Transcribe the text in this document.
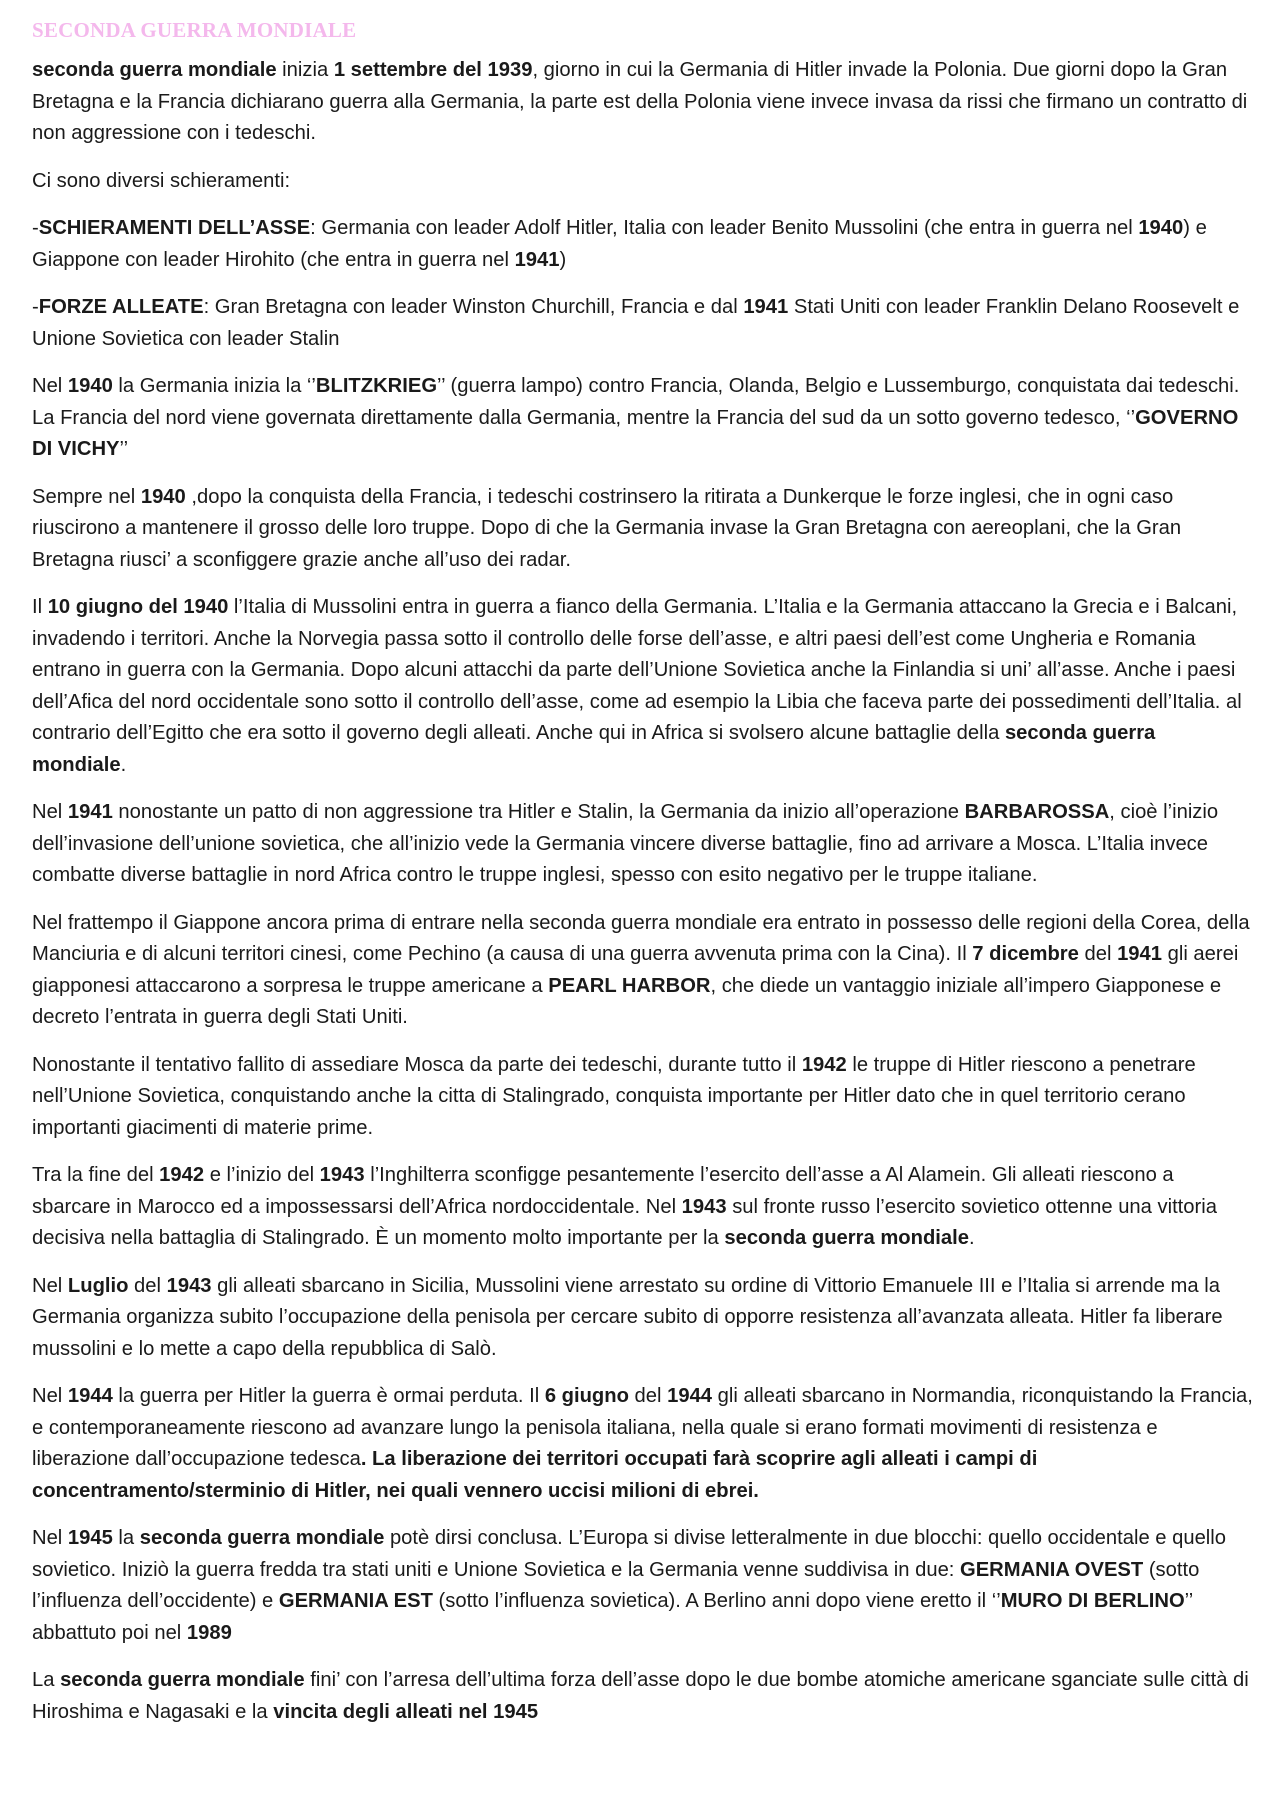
SECONDA GUERRA MONDIALE

seconda guerra mondiale inizia 1 settembre del 1939, giorno in cui la Germania di Hitler invade la Polonia. Due giorni dopo la Gran Bretagna e la Francia dichiarano guerra alla Germania, la parte est della Polonia viene invece invasa da rissi che firmano un contratto di non aggressione con i tedeschi.

Ci sono diversi schieramenti:

-SCHIERAMENTI DELL’ASSE: Germania con leader Adolf Hitler, Italia con leader Benito Mussolini (che entra in guerra nel 1940) e Giappone con leader Hirohito (che entra in guerra nel 1941)

-FORZE ALLEATE: Gran Bretagna con leader Winston Churchill, Francia e dal 1941 Stati Uniti con leader Franklin Delano Roosevelt e Unione Sovietica con leader Stalin

Nel 1940 la Germania inizia la ‘’BLITZKRIEG’’ (guerra lampo) contro Francia, Olanda, Belgio e Lussemburgo, conquistata dai tedeschi. La Francia del nord viene governata direttamente dalla Germania, mentre la Francia del sud da un sotto governo tedesco, ‘’GOVERNO DI VICHY’’

Sempre nel 1940 ,dopo la conquista della Francia, i tedeschi costrinsero la ritirata a Dunkerque le forze inglesi, che in ogni caso riuscirono a mantenere il grosso delle loro truppe. Dopo di che la Germania invase la Gran Bretagna con aereoplani, che la Gran Bretagna riusci’ a sconfiggere grazie anche all’uso dei radar.

Il 10 giugno del 1940 l’Italia di Mussolini entra in guerra a fianco della Germania. L’Italia e la Germania attaccano la Grecia e i Balcani, invadendo i territori. Anche la Norvegia passa sotto il controllo delle forse dell’asse, e altri paesi dell’est come Ungheria e Romania entrano in guerra con la Germania. Dopo alcuni attacchi da parte dell’Unione Sovietica anche la Finlandia si uni’ all’asse. Anche i paesi dell’Afica del nord occidentale sono sotto il controllo dell’asse, come ad esempio la Libia che faceva parte dei possedimenti dell’Italia. al contrario dell’Egitto che era sotto il governo degli alleati. Anche qui in Africa si svolsero alcune battaglie della seconda guerra mondiale.

Nel 1941 nonostante un patto di non aggressione tra Hitler e Stalin, la Germania da inizio all’operazione BARBAROSSA, cioè l’inizio dell’invasione dell’unione sovietica, che all’inizio vede la Germania vincere diverse battaglie, fino ad arrivare a Mosca. L’Italia invece combatte diverse battaglie in nord Africa contro le truppe inglesi, spesso con esito negativo per le truppe italiane.

Nel frattempo il Giappone ancora prima di entrare nella seconda guerra mondiale era entrato in possesso delle regioni della Corea, della Manciuria e di alcuni territori cinesi, come Pechino (a causa di una guerra avvenuta prima con la Cina). Il 7 dicembre del 1941 gli aerei giapponesi attaccarono a sorpresa le truppe americane a PEARL HARBOR, che diede un vantaggio iniziale all’impero Giapponese e decreto l’entrata in guerra degli Stati Uniti.

Nonostante il tentativo fallito di assediare Mosca da parte dei tedeschi, durante tutto il 1942 le truppe di Hitler riescono a penetrare nell’Unione Sovietica, conquistando anche la citta di Stalingrado, conquista importante per Hitler dato che in quel territorio cerano importanti giacimenti di materie prime.

Tra la fine del 1942 e l’inizio del 1943 l’Inghilterra sconfigge pesantemente l’esercito dell’asse a Al Alamein. Gli alleati riescono a sbarcare in Marocco ed a impossessarsi dell’Africa nordoccidentale. Nel 1943 sul fronte russo l’esercito sovietico ottenne una vittoria decisiva nella battaglia di Stalingrado. È un momento molto importante per la seconda guerra mondiale.

Nel Luglio del 1943 gli alleati sbarcano in Sicilia, Mussolini viene arrestato su ordine di Vittorio Emanuele III e l’Italia si arrende ma la Germania organizza subito l’occupazione della penisola per cercare subito di opporre resistenza all’avanzata alleata. Hitler fa liberare mussolini e lo mette a capo della repubblica di Salò.

Nel 1944 la guerra per Hitler la guerra è ormai perduta. Il 6 giugno del 1944 gli alleati sbarcano in Normandia, riconquistando la Francia, e contemporaneamente riescono ad avanzare lungo la penisola italiana, nella quale si erano formati movimenti di resistenza e liberazione dall’occupazione tedesca. La liberazione dei territori occupati farà scoprire agli alleati i campi di concentramento/sterminio di Hitler, nei quali vennero uccisi milioni di ebrei.

Nel 1945 la seconda guerra mondiale potè dirsi conclusa. L’Europa si divise letteralmente in due blocchi: quello occidentale e quello sovietico. Iniziò la guerra fredda tra stati uniti e Unione Sovietica e la Germania venne suddivisa in due: GERMANIA OVEST (sotto l’influenza dell’occidente) e GERMANIA EST (sotto l’influenza sovietica). A Berlino anni dopo viene eretto il ‘’MURO DI BERLINO’’ abbattuto poi nel 1989

La seconda guerra mondiale fini’ con l’arresa dell’ultima forza dell’asse dopo le due bombe atomiche americane sganciate sulle città di Hiroshima e Nagasaki e la vincita degli alleati nel 1945
